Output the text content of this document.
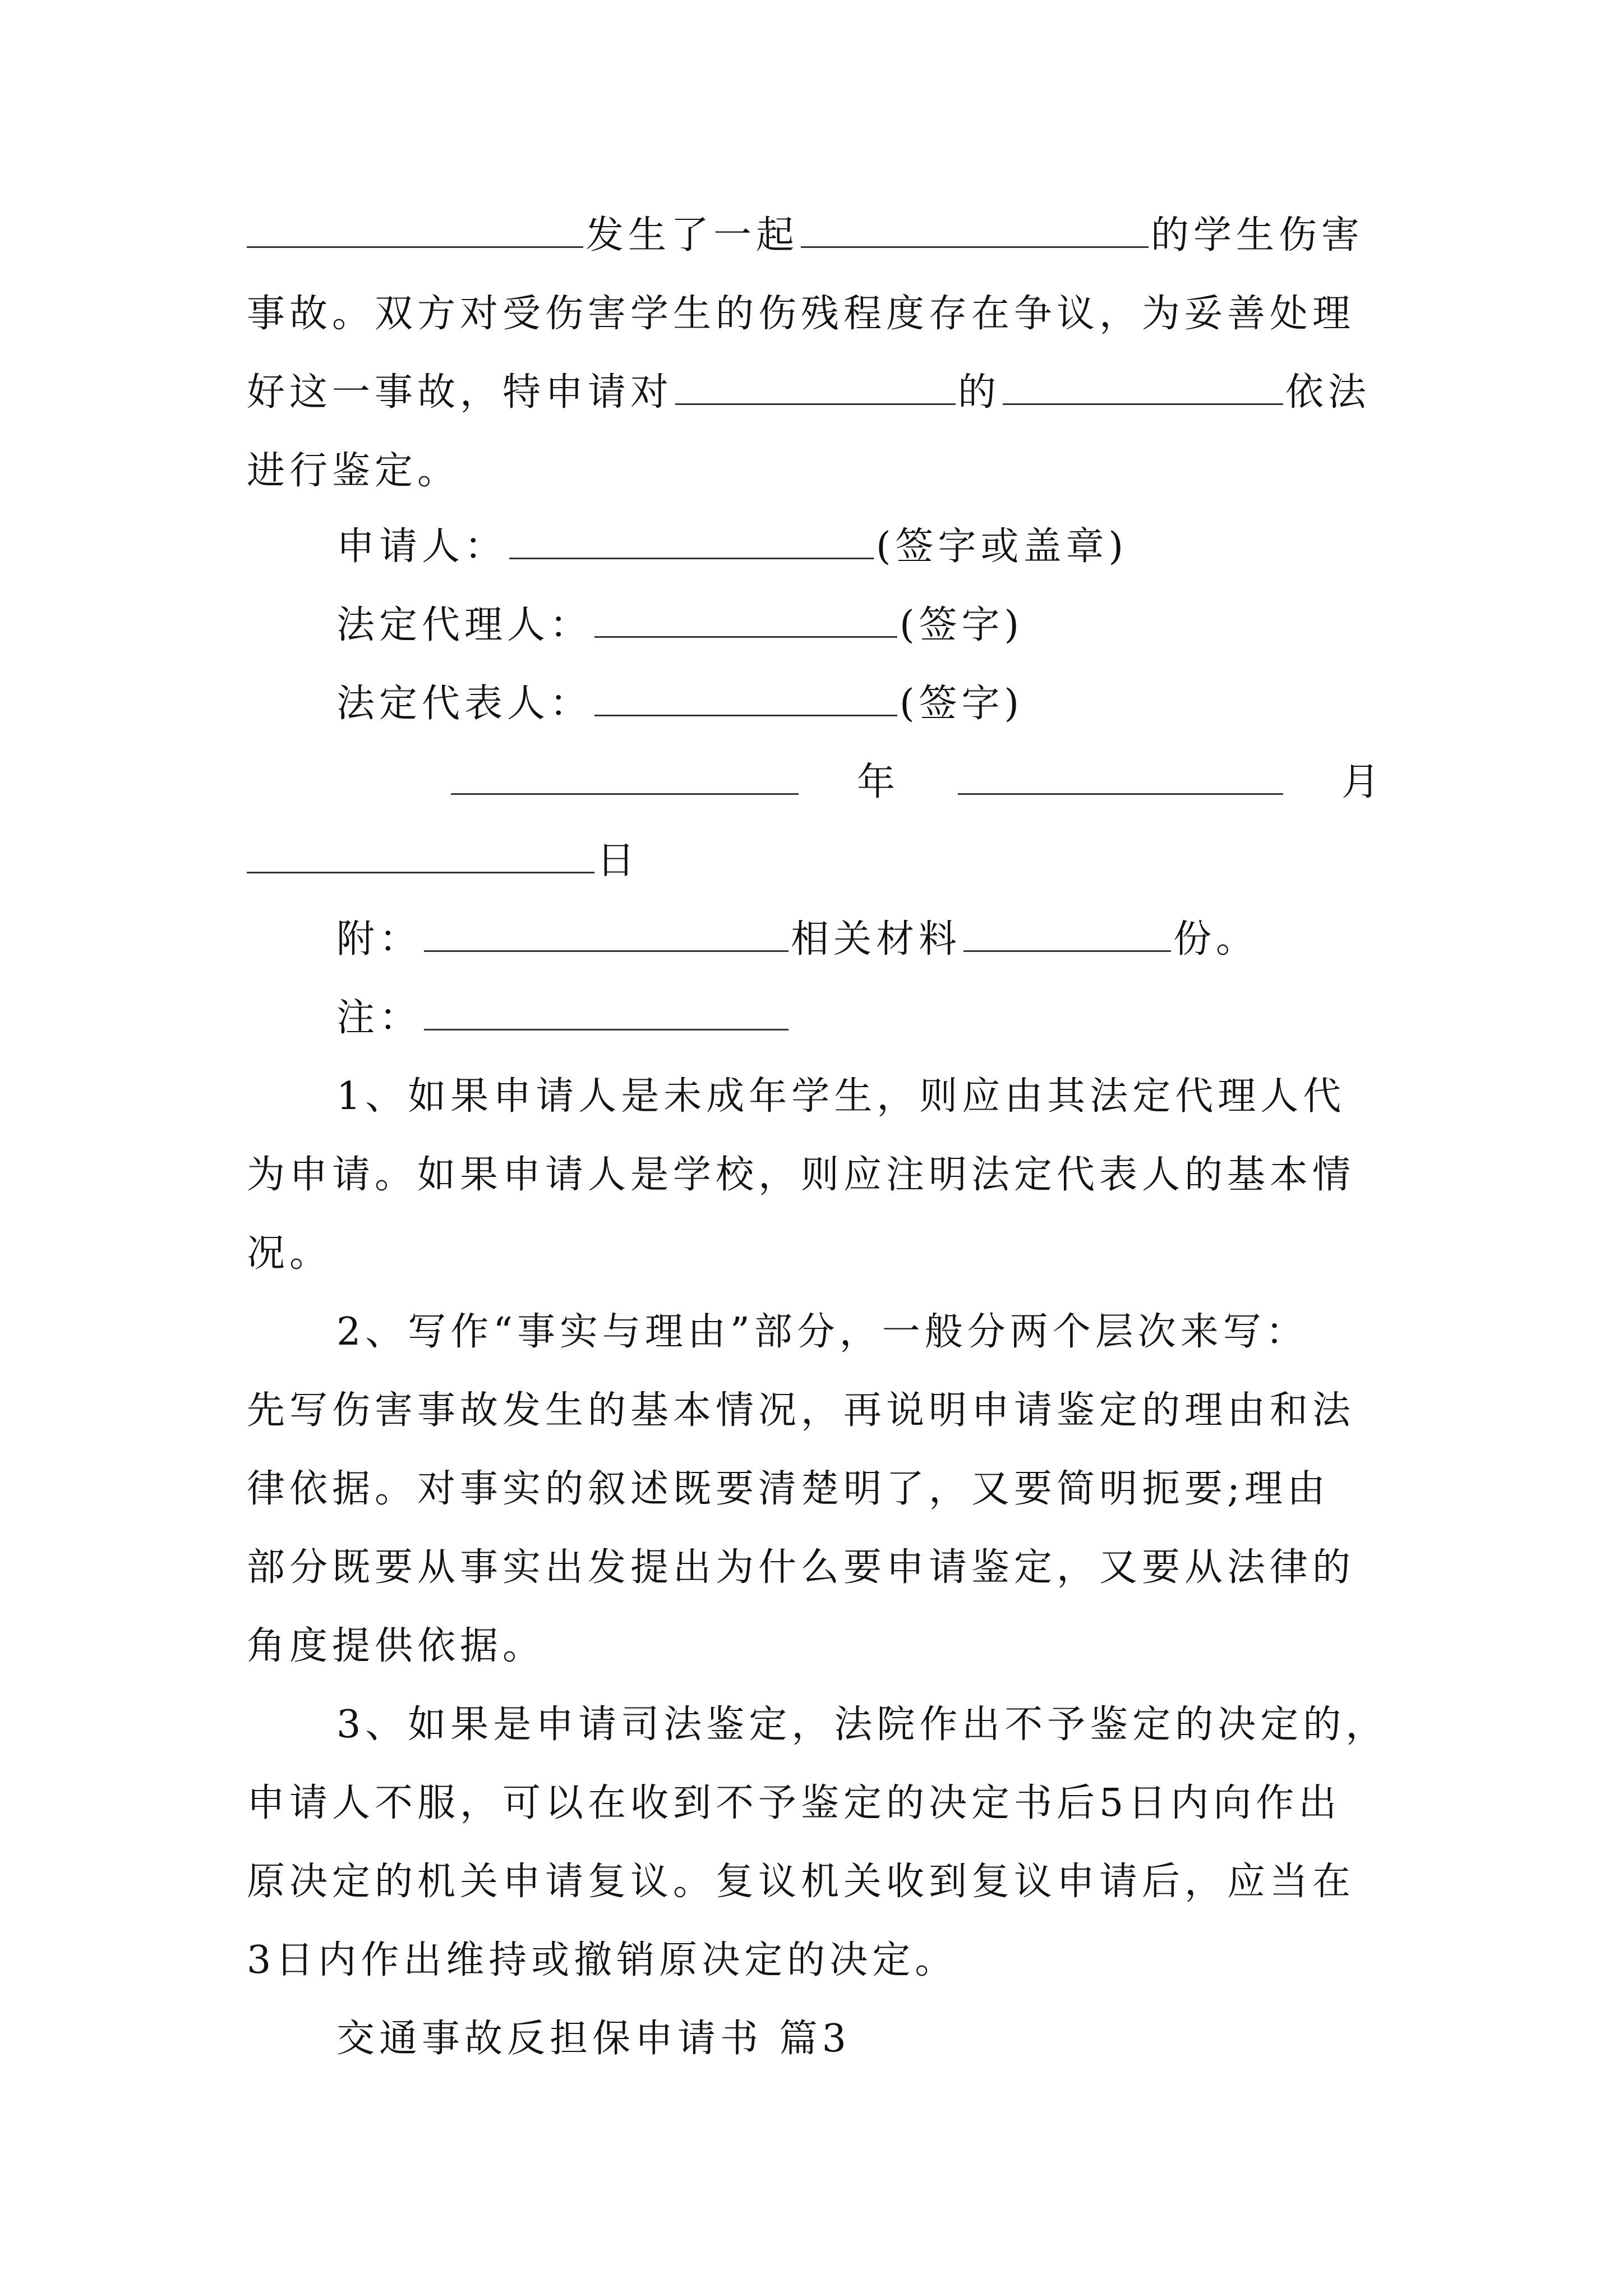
发生了一起	的学生伤害
事故。双方对受伤害学生的伤残程度存在争议，为妥善处理
好这一事故，特申请对	的	依法
进行鉴定。
申请人：	(签字或盖章)
法定代理人：	(签字)
法定代表人：	(签字)
年	月
日
附：	相关材料	份。
注：
1、如果申请人是未成年学生，则应由其法定代理人代
为申请。如果申请人是学校，则应注明法定代表人的基本情
况。
2、写作“事实与理由”部分，一般分两个层次来写：
先写伤害事故发生的基本情况，再说明申请鉴定的理由和法
律依据。对事实的叙述既要清楚明了，又要简明扼要;理由
部分既要从事实出发提出为什么要申请鉴定，又要从法律的
角度提供依据。
3、如果是申请司法鉴定，法院作出不予鉴定的决定的，
申请人不服，可以在收到不予鉴定的决定书后5日内向作出
原决定的机关申请复议。复议机关收到复议申请后，应当在
3日内作出维持或撤销原决定的决定。
交通事故反担保申请书 篇3
